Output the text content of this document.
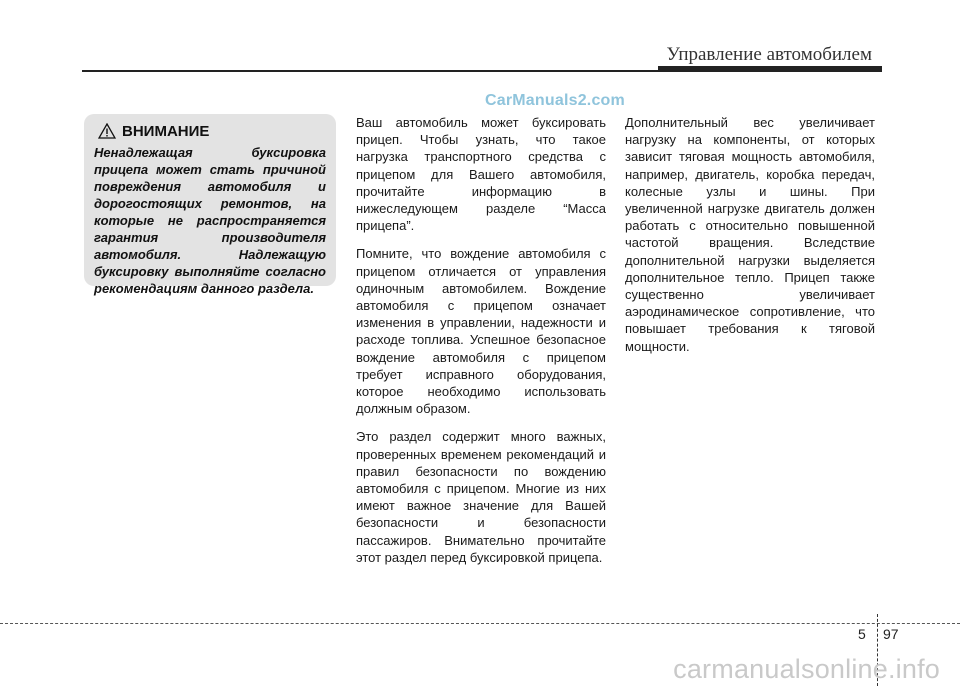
Управление автомобилем
CarManuals2.com
ВНИМАНИЕ
Ненадлежащая буксировка прицепа может стать причиной повреждения автомобиля и дорогостоящих ремонтов, на которые не распространяется гарантия производителя автомобиля. Надлежащую буксировку выполняйте согласно рекомендациям данного раздела.

Ваш автомобиль может буксировать прицеп. Чтобы узнать, что такое нагрузка транспортного средства с прицепом для Вашего автомобиля, прочитайте информацию в нижеследующем разделе “Масса прицепа”.

Помните, что вождение автомобиля с прицепом отличается от управления одиночным автомобилем. Вождение автомобиля с прицепом означает изменения в управлении, надежности и расходе топлива. Успешное безопасное вождение автомобиля с прицепом требует исправного оборудования, которое необходимо использовать должным образом.

Это раздел содержит много важных, проверенных временем рекомендаций и правил безопасности по вождению автомобиля с прицепом. Многие из них имеют важное значение для Вашей безопасности и безопасности пассажиров. Внимательно прочитайте этот раздел перед буксировкой прицепа.

Дополнительный вес увеличивает нагрузку на компоненты, от которых зависит тяговая мощность автомобиля, например, двигатель, коробка передач, колесные узлы и шины. При увеличенной нагрузке двигатель должен работать с относительно повышенной частотой вращения. Вследствие дополнительной нагрузки выделяется дополнительное тепло. Прицеп также существенно увеличивает аэродинамическое сопротивление, что повышает требования к тяговой мощности.

5 97
carmanualsonline.info
